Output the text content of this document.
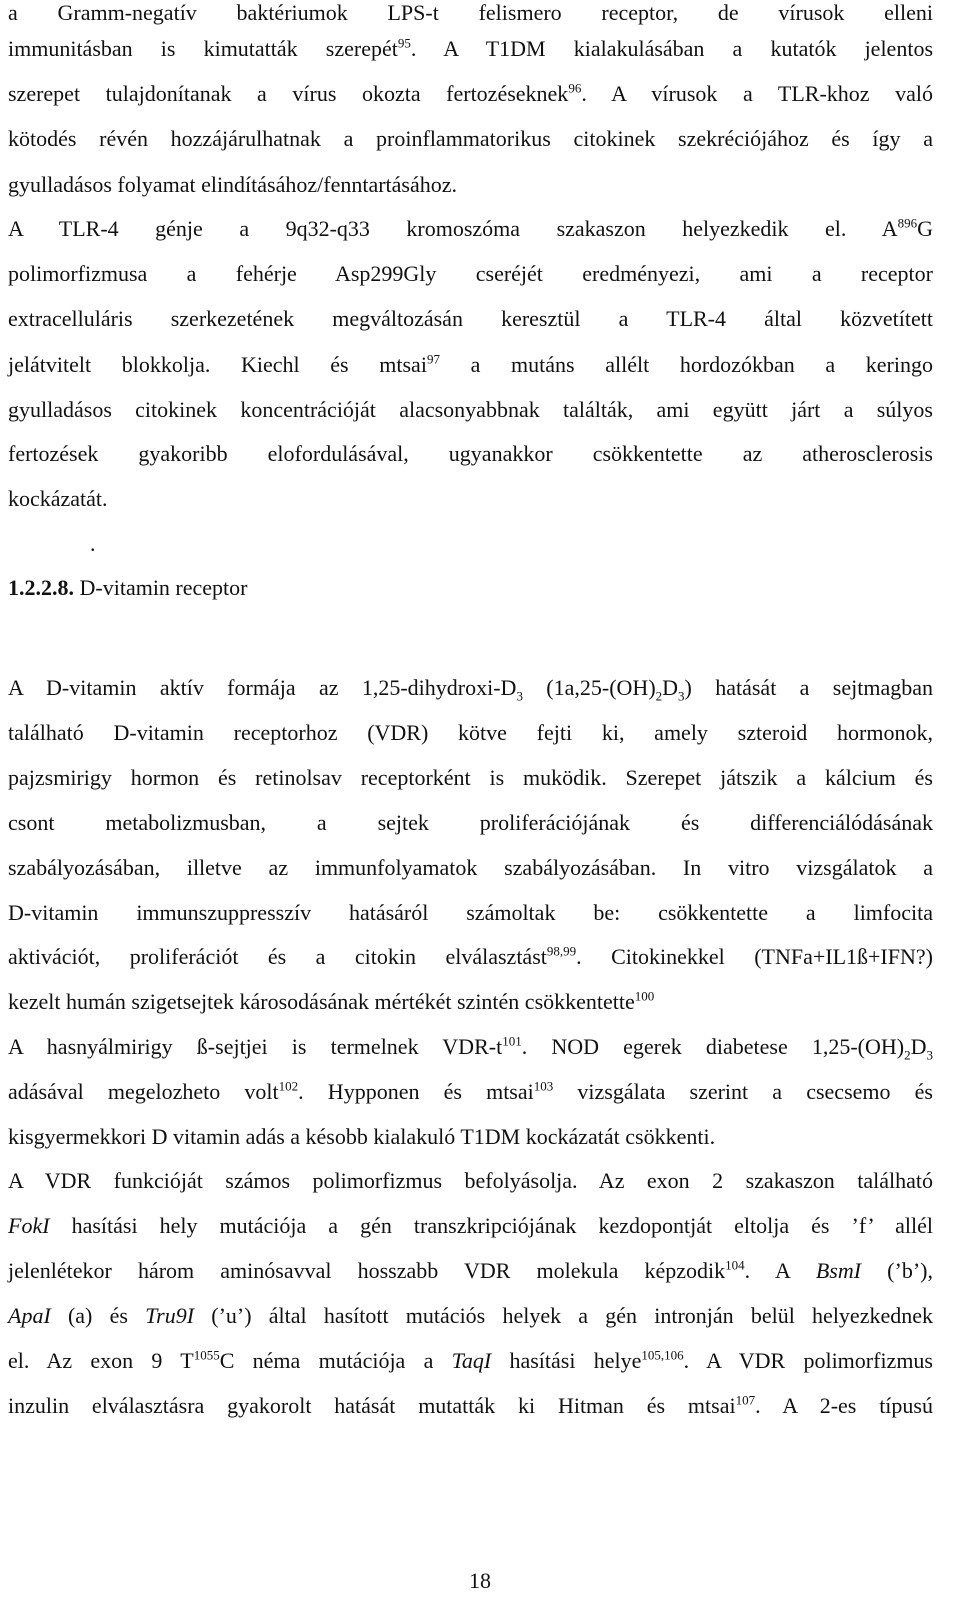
a Gramm-negatív baktériumok LPS-t felismero receptor, de vírusok elleni
immunitásban is kimutatták szerepét$^{95}$. A T1DM kialakulásában a kutatók jelentos
szerepet tulajdonítanak a vírus okozta fertozéseknek$^{96}$. A vírusok a TLR-khoz való
kötodés révén hozzájárulhatnak a proinflammatorikus citokinek szekréciójához és így a
gyulladásos folyamat elindításához/fenntartásához.
A TLR-4 génje a 9q32-q33 kromoszóma szakaszon helyezkedik el. $A^{896}G$
polimorfizmusa a fehérje Asp299Gly cseréjét eredményezi, ami a receptor
extracelluláris szerkezetének megváltozásán keresztül a TLR-4 által közvetített
jelátvitelt blokkolja. Kiechl és mtsai$^{97}$ a mutáns allélt hordozókban a keringo
gyulladásos citokinek koncentrációját alacsonyabbnak találták, ami együtt járt a súlyos
fertozések gyakoribb elofordulásával, ugyanakkor csökkentette az atherosclerosis
kockázatát.
.
1.2.2.8. D-vitamin receptor
A D-vitamin aktív formája az $1,25-dihydroxi-D_3$ $(1a,25-(OH)_2D_3)$ hatását a sejtmagban
található D-vitamin receptorhoz (VDR) kötve fejti ki, amely szteroid hormonok,
pajzsmirigy hormon és retinolsav receptorként is muködik. Szerepet játszik a kálcium és
csont metabolizmusban, a sejtek proliferációjának és differenciálódásának
szabályozásában, illetve az immunfolyamatok szabályozásában. In vitro vizsgálatok a
D-vitamin immunszuppresszív hatásáról számoltak be: csökkentette a limfocita
aktivációt, proliferációt és a citokin elválasztást$^{98,99}$. Citokinekkel (TNFa+IL1ß+IFN?)
kezelt humán szigetsejtek károsodásának mértékét szintén csökkentette$^{100}$
A hasnyálmirigy ß-sejtjei is termelnek VDR-$t^{101}$. NOD egerek diabetese $1,25-(OH)_2D_3$
adásával megelozheto volt$^{102}$. Hypponen és mtsai$^{103}$ vizsgálata szerint a csecsemo és
kisgyermekkori D vitamin adás a késobb kialakuló T1DM kockázatát csökkenti.
A VDR funkcióját számos polimorfizmus befolyásolja. Az exon 2 szakaszon található
FokI hasítási hely mutációja a gén transzkripciójának kezdopontját eltolja és ’f’ allél
jelenlétekor három aminósavval hosszabb VDR molekula képzodik$^{104}$. A BsmI (’b’),
ApaI (a) és Tru9I (’u’) által hasított mutációs helyek a gén intronján belül helyezkednek
el. Az exon 9 $T^{1055}C$ néma mutációja a TaqI hasítási helye$^{105,106}$. A VDR polimorfizmus
inzulin elválasztásra gyakorolt hatását mutatták ki Hitman és mtsai$^{107}$. A 2-es típusú
18
